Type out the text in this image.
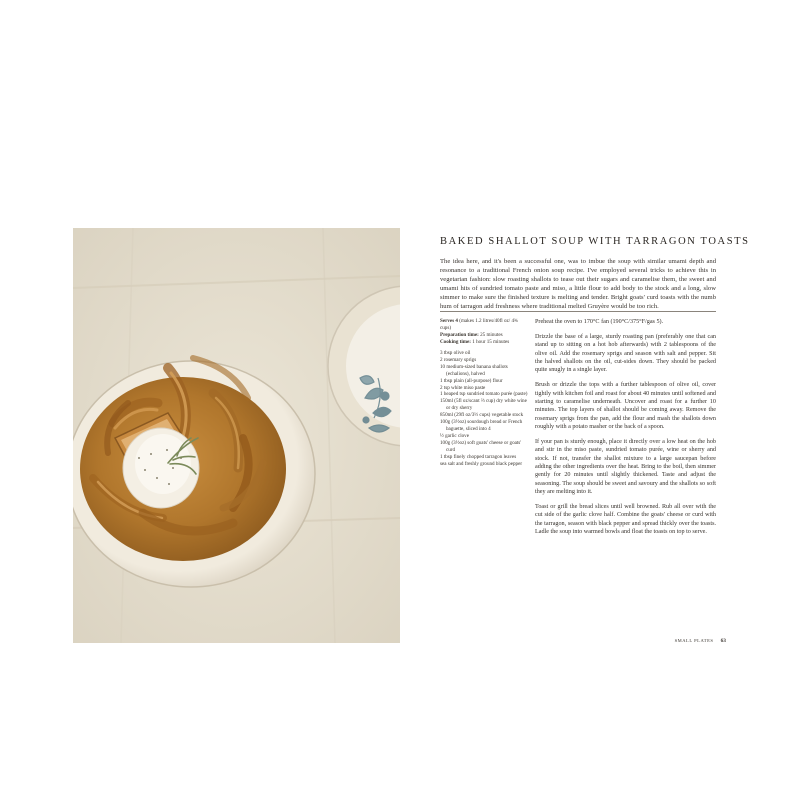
BAKED SHALLOT SOUP WITH TARRAGON TOASTS
The idea here, and it's been a successful one, was to imbue the soup with similar umami depth and resonance to a traditional French onion soup recipe. I've employed several tricks to achieve this in vegetarian fashion: slow roasting shallots to tease out their sugars and caramelise them, the sweet and umami hits of sundried tomato paste and miso, a little flour to add body to the stock and a long, slow simmer to make sure the finished texture is melting and tender. Bright goats' curd toasts with the numb hum of tarragon add freshness where traditional melted Gruyère would be too rich.
Serves 4 (makes 1.2 litres/40fl oz/ 4¾ cups)
Preparation time: 25 minutes
Cooking time: 1 hour 15 minutes
3 tbsp olive oil
2 rosemary sprigs
10 medium-sized banana shallots (echalions), halved
1 tbsp plain (all-purpose) flour
2 tsp white miso paste
1 heaped tsp sundried tomato purée (paste)
150ml (5fl oz/scant ⅔ cup) dry white wine or dry sherry
850ml (29fl oz/3½ cups) vegetable stock
100g (3½oz) sourdough bread or French baguette, sliced into 4
½ garlic clove
100g (3½oz) soft goats' cheese or goats' curd
1 tbsp finely chopped tarragon leaves
sea salt and freshly ground black pepper

Preheat the oven to 170°C fan (190°C/375°F/gas 5).

Drizzle the base of a large, sturdy roasting pan (preferably one that can stand up to sitting on a hot hob afterwards) with 2 tablespoons of the olive oil. Add the rosemary sprigs and season with salt and pepper. Sit the halved shallots on the oil, cut-sides down. They should be packed quite snugly in a single layer.

Brush or drizzle the tops with a further tablespoon of olive oil, cover tightly with kitchen foil and roast for about 40 minutes until softened and starting to caramelise underneath. Uncover and roast for a further 10 minutes. The top layers of shallot should be coming away. Remove the rosemary sprigs from the pan, add the flour and mash the shallots down roughly with a potato masher or the back of a spoon.

If your pan is sturdy enough, place it directly over a low heat on the hob and stir in the miso paste, sundried tomato purée, wine or sherry and stock. If not, transfer the shallot mixture to a large saucepan before adding the other ingredients over the heat. Bring to the boil, then simmer gently for 20 minutes until slightly thickened. Taste and adjust the seasoning. The soup should be sweet and savoury and the shallots so soft they are melting into it.

Toast or grill the bread slices until well browned. Rub all over with the cut side of the garlic clove half. Combine the goats' cheese or curd with the tarragon, season with black pepper and spread thickly over the toasts. Ladle the soup into warmed bowls and float the toasts on top to serve.

SMALL PLATES 63
